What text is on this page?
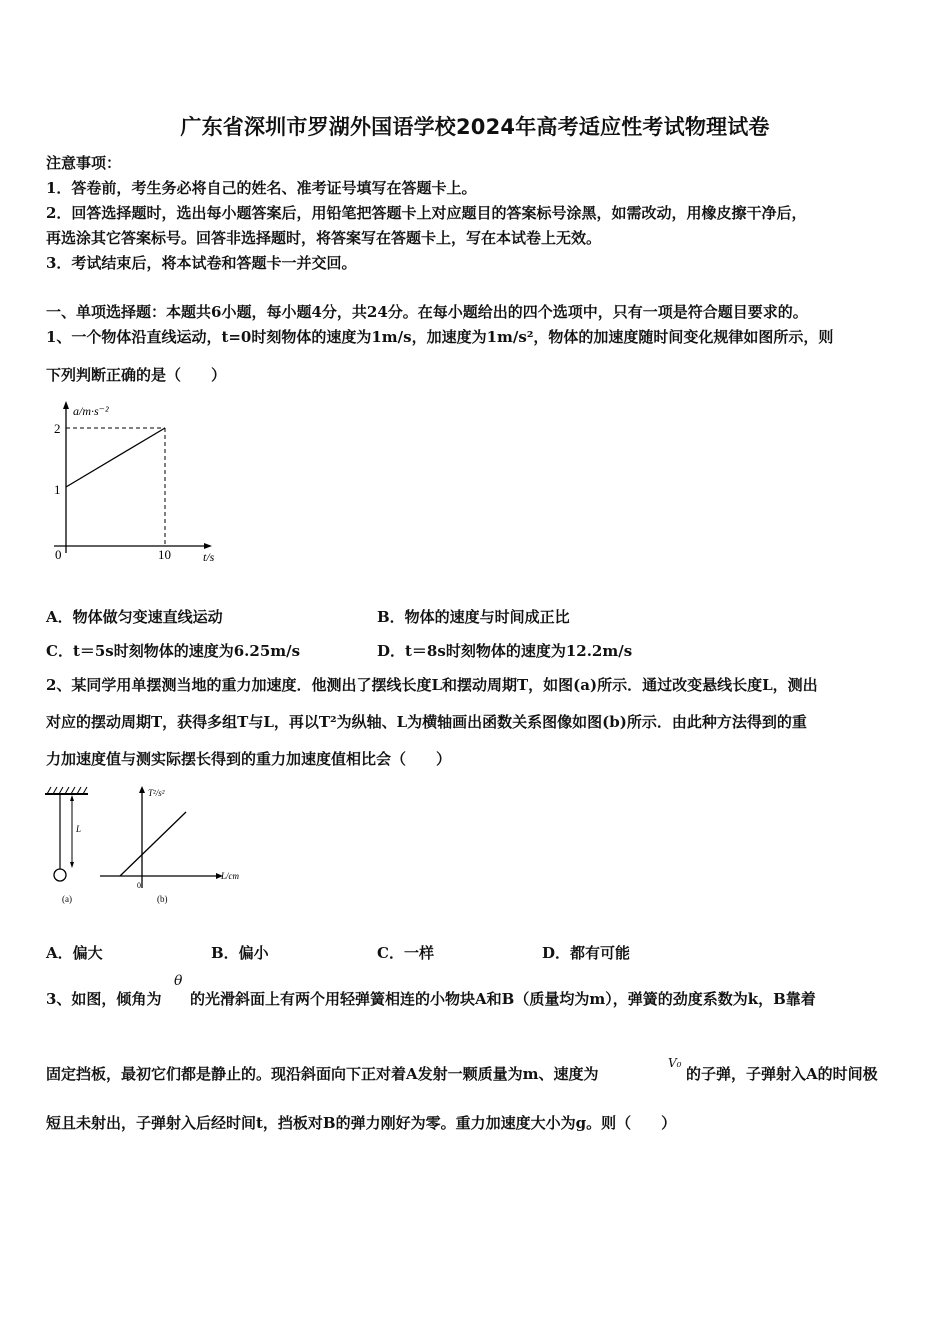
广东省深圳市罗湖外国语学校2024年高考适应性考试物理试卷
注意事项：
1．答卷前，考生务必将自己的姓名、准考证号填写在答题卡上。
2．回答选择题时，选出每小题答案后，用铅笔把答题卡上对应题目的答案标号涂黑，如需改动，用橡皮擦干净后，
再选涂其它答案标号。回答非选择题时，将答案写在答题卡上，写在本试卷上无效。
3．考试结束后，将本试卷和答题卡一并交回。
一、单项选择题：本题共6小题，每小题4分，共24分。在每小题给出的四个选项中，只有一项是符合题目要求的。
1、一个物体沿直线运动，t=0时刻物体的速度为1m/s，加速度为1m/s²，物体的加速度随时间变化规律如图所示，则
下列判断正确的是（　　）
a/m·s⁻²
2
1
0	10	t/s
A．物体做匀变速直线运动	B．物体的速度与时间成正比
C．t＝5s时刻物体的速度为6.25m/s	D．t＝8s时刻物体的速度为12.2m/s
2、某同学用单摆测当地的重力加速度．他测出了摆线长度L和摆动周期T，如图(a)所示．通过改变悬线长度L，测出
对应的摆动周期T，获得多组T与L，再以T²为纵轴、L为横轴画出函数关系图像如图(b)所示．由此种方法得到的重
力加速度值与测实际摆长得到的重力加速度值相比会（　　）
L
(a)
T²/s²
L/cm
0
(b)
A．偏大	B．偏小	C．一样	D．都有可能
3、如图，倾角为
θ
的光滑斜面上有两个用轻弹簧相连的小物块A和B（质量均为m），弹簧的劲度系数为k，B靠着
固定挡板，最初它们都是静止的。现沿斜面向下正对着A发射一颗质量为m、速度为
V₀
的子弹，子弹射入A的时间极
短且未射出，子弹射入后经时间t，挡板对B的弹力刚好为零。重力加速度大小为g。则（　　）
